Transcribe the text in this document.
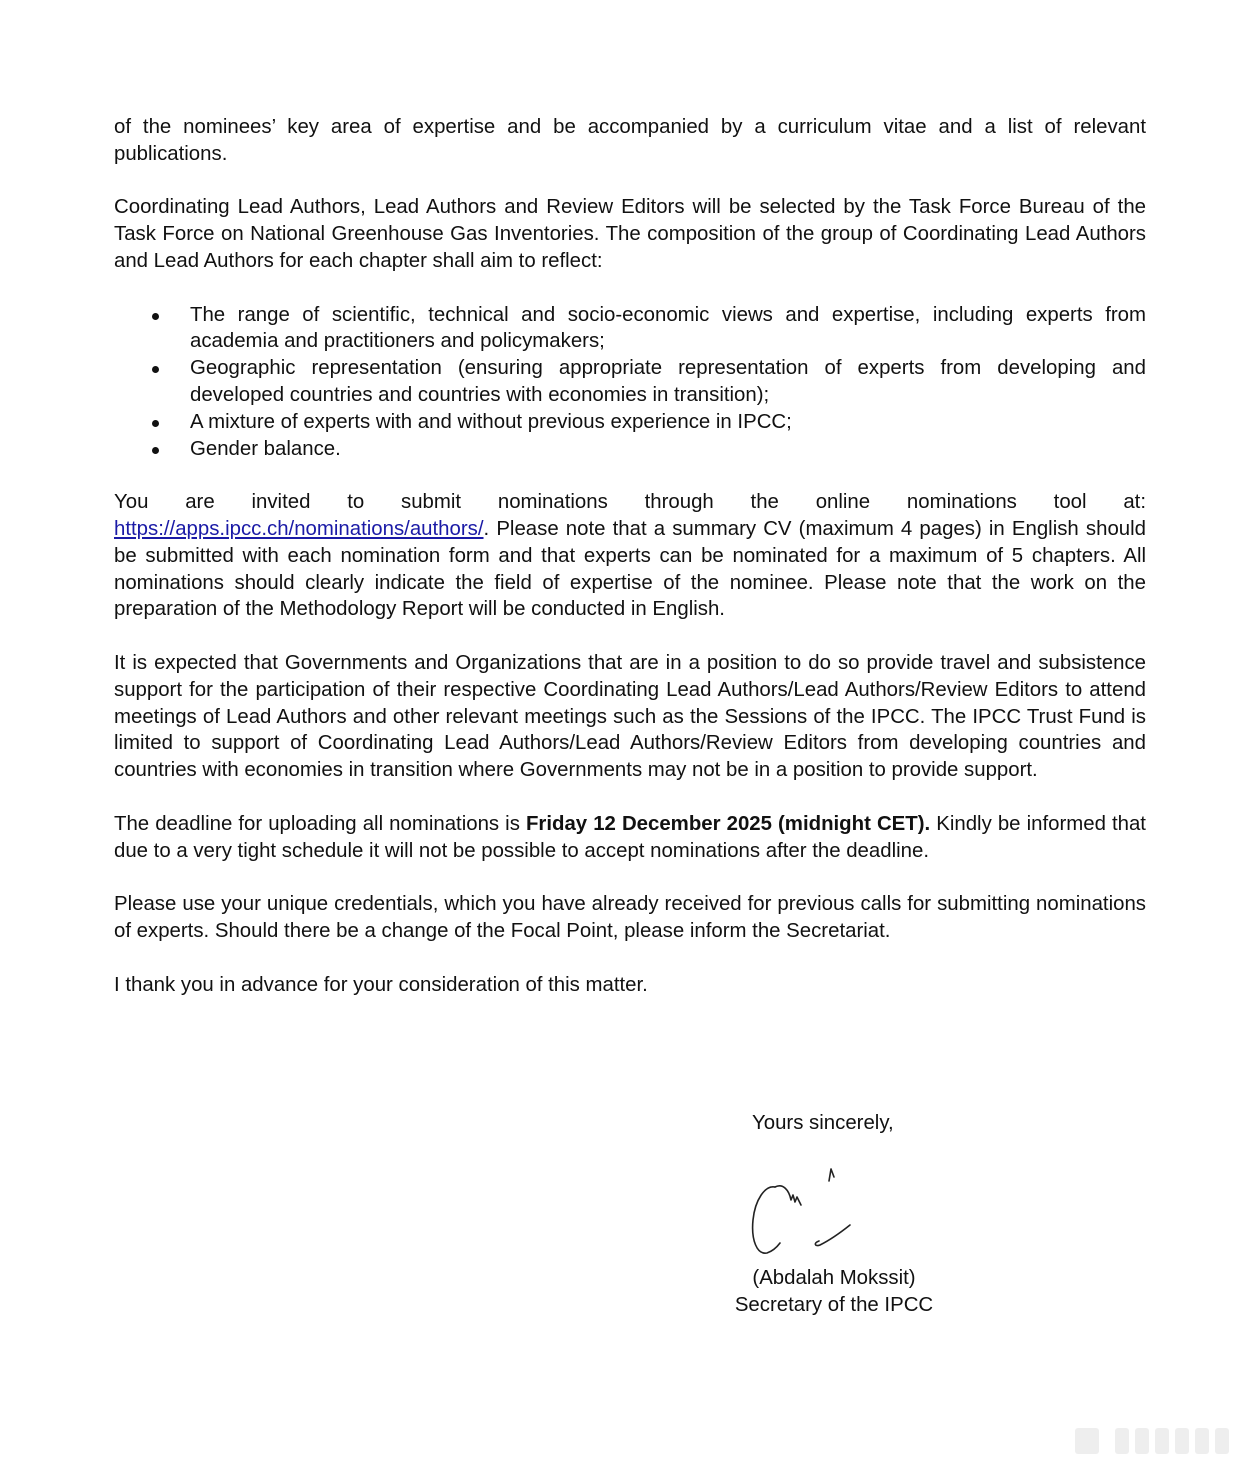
of the nominees’ key area of expertise and be accompanied by a curriculum vitae and a list of relevant publications.

Coordinating Lead Authors, Lead Authors and Review Editors will be selected by the Task Force Bureau of the Task Force on National Greenhouse Gas Inventories. The composition of the group of Coordinating Lead Authors and Lead Authors for each chapter shall aim to reflect:

The range of scientific, technical and socio-economic views and expertise, including experts from academia and practitioners and policymakers;
Geographic representation (ensuring appropriate representation of experts from developing and developed countries and countries with economies in transition);
A mixture of experts with and without previous experience in IPCC;
Gender balance.
You are invited to submit nominations through the online nominations tool at:
https://apps.ipcc.ch/nominations/authors/. Please note that a summary CV (maximum 4 pages) in English should be submitted with each nomination form and that experts can be nominated for a maximum of 5 chapters. All nominations should clearly indicate the field of expertise of the nominee. Please note that the work on the preparation of the Methodology Report will be conducted in English.

It is expected that Governments and Organizations that are in a position to do so provide travel and subsistence support for the participation of their respective Coordinating Lead Authors/Lead Authors/Review Editors to attend meetings of Lead Authors and other relevant meetings such as the Sessions of the IPCC. The IPCC Trust Fund is limited to support of Coordinating Lead Authors/Lead Authors/Review Editors from developing countries and countries with economies in transition where Governments may not be in a position to provide support.

The deadline for uploading all nominations is Friday 12 December 2025 (midnight CET). Kindly be informed that due to a very tight schedule it will not be possible to accept nominations after the deadline.

Please use your unique credentials, which you have already received for previous calls for submitting nominations of experts. Should there be a change of the Focal Point, please inform the Secretariat.

I thank you in advance for your consideration of this matter.

Yours sincerely,
(Abdalah Mokssit)
Secretary of the IPCC
